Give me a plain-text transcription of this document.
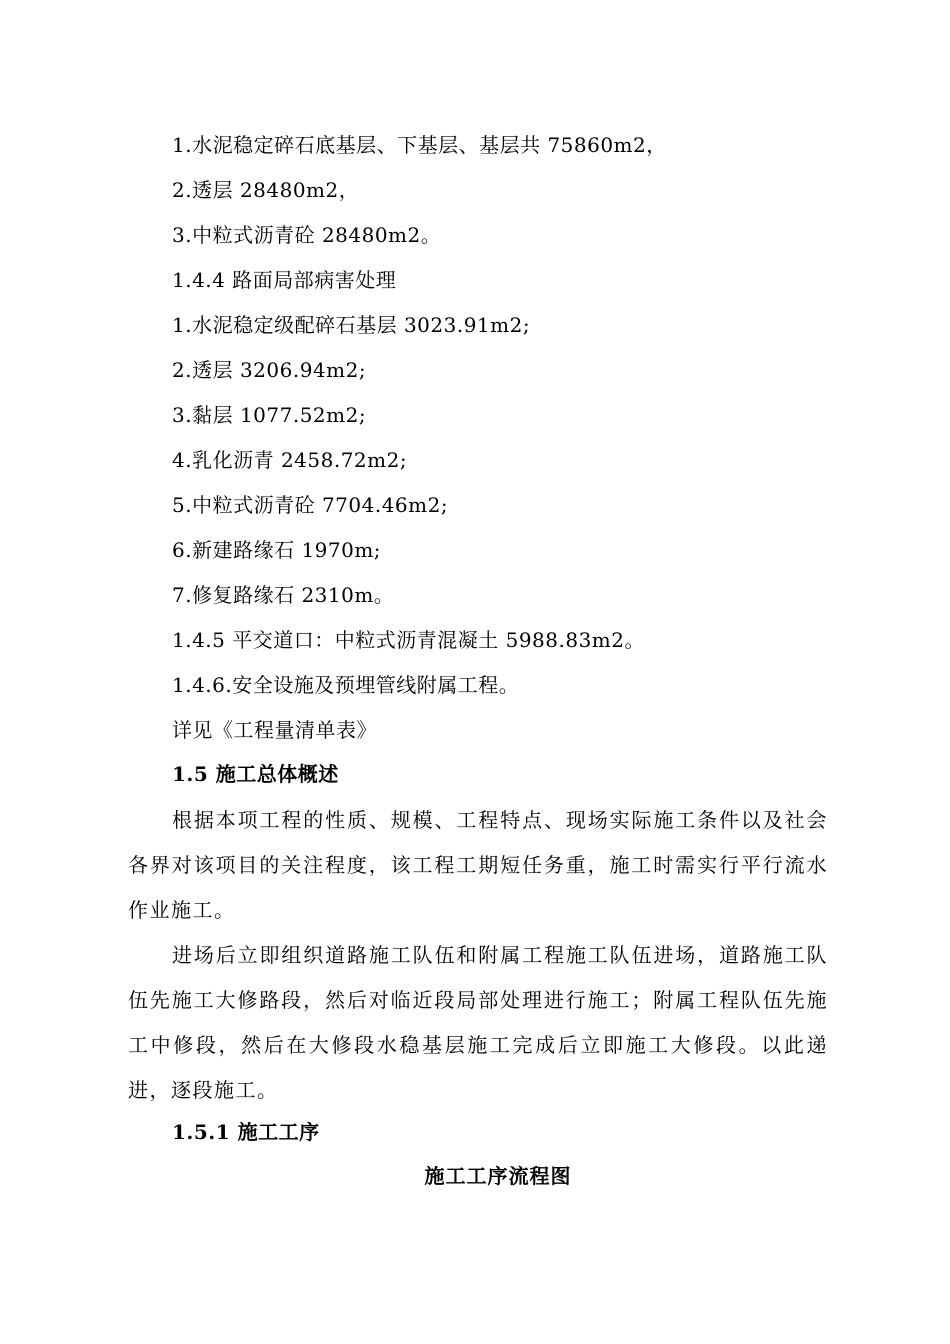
1.水泥稳定碎石底基层、下基层、基层共 75860m2，
2.透层 28480m2，
3.中粒式沥青砼 28480m2。
1.4.4 路面局部病害处理
1.水泥稳定级配碎石基层 3023.91m2;
2.透层 3206.94m2;
3.黏层 1077.52m2;
4.乳化沥青 2458.72m2;
5.中粒式沥青砼 7704.46m2;
6.新建路缘石 1970m;
7.修复路缘石 2310m。
1.4.5 平交道口：中粒式沥青混凝土 5988.83m2。
1.4.6.安全设施及预埋管线附属工程。
详见《工程量清单表》
1.5 施工总体概述
根据本项工程的性质、规模、工程特点、现场实际施工条件以及社会各界对该项目的关注程度，该工程工期短任务重，施工时需实行平行流水作业施工。
进场后立即组织道路施工队伍和附属工程施工队伍进场，道路施工队伍先施工大修路段，然后对临近段局部处理进行施工；附属工程队伍先施工中修段，然后在大修段水稳基层施工完成后立即施工大修段。以此递进，逐段施工。
1.5.1 施工工序
施工工序流程图
